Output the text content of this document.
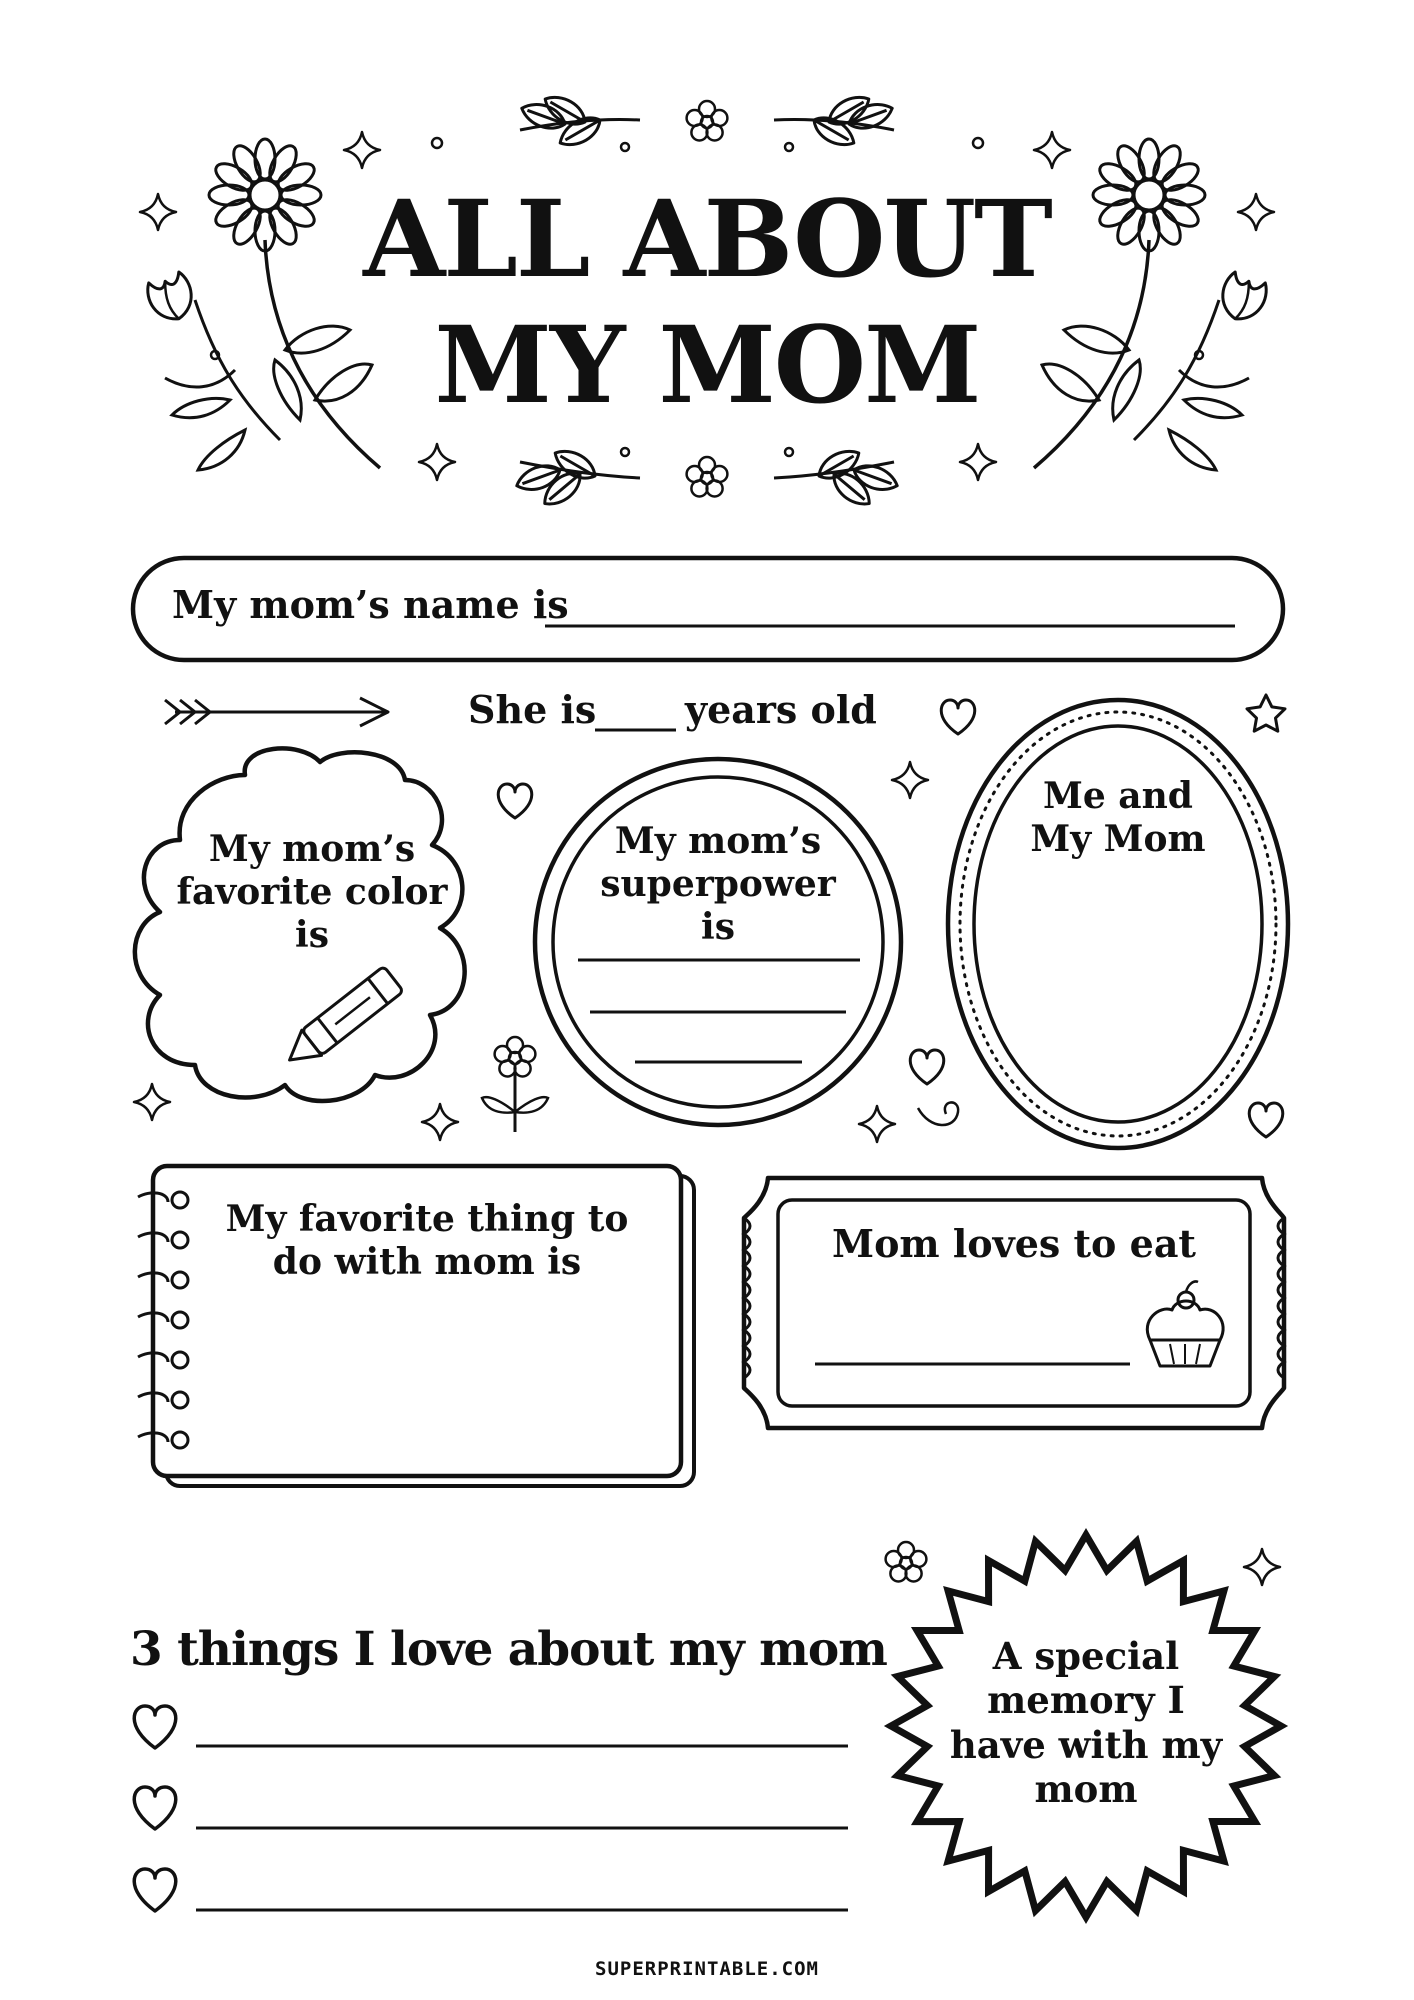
ALL ABOUT
MY MOM
My mom’s name is
She is years old
My mom’s favorite color is
My mom’s superpower is
Me and My Mom
My favorite thing to do with mom is	Mom loves to eat
3 things I love about my mom	A special memory I have with my mom
SUPERPRINTABLE.COM
